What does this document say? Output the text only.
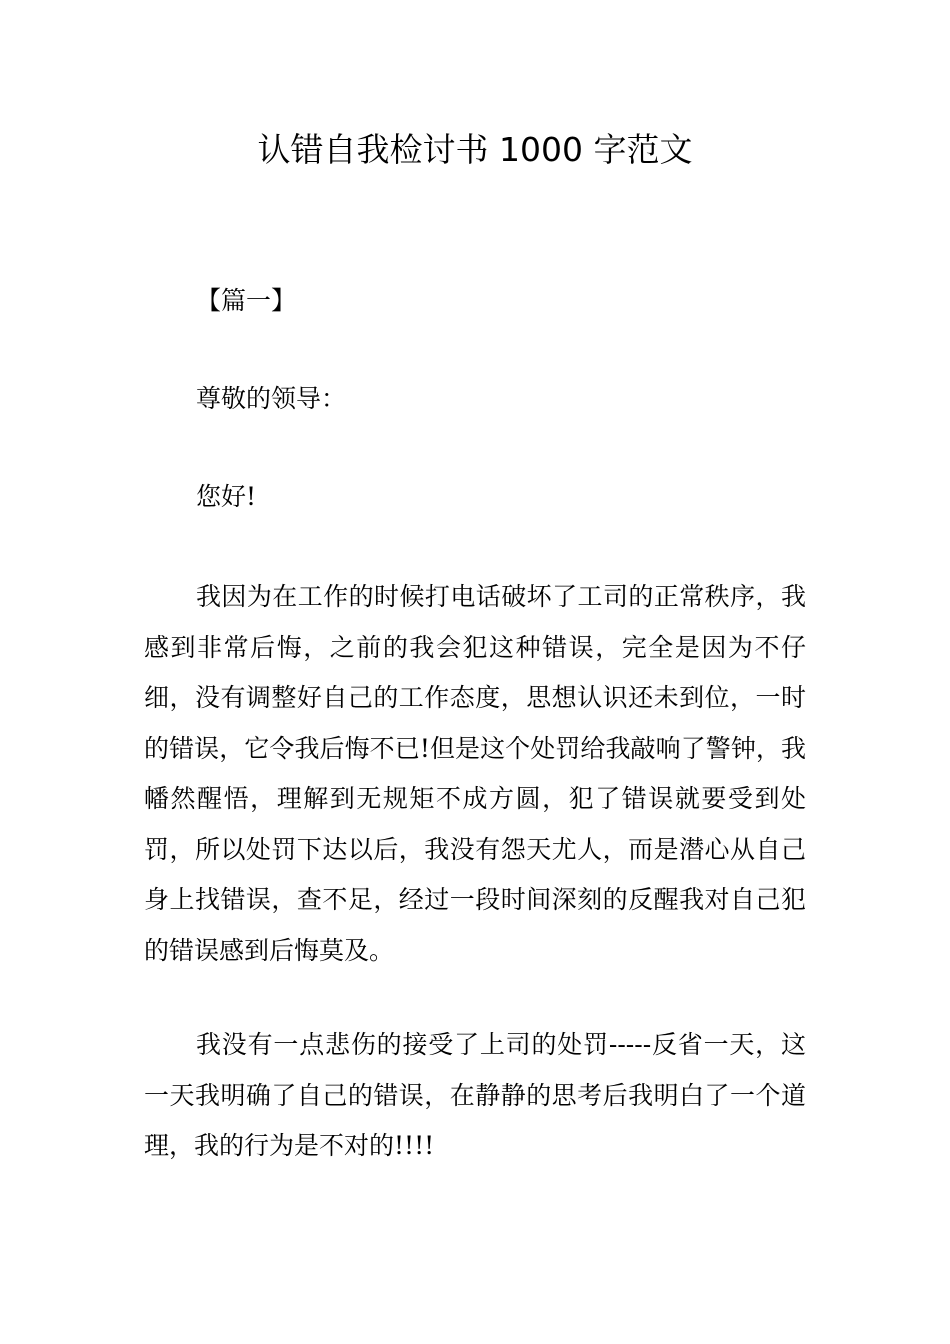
认错自我检讨书 1000 字范文

【篇一】

尊敬的领导：

您好!

我因为在工作的时候打电话破坏了工司的正常秩序，我感到非常后悔，之前的我会犯这种错误，完全是因为不仔细，没有调整好自己的工作态度，思想认识还未到位，一时的错误，它令我后悔不已!但是这个处罚给我敲响了警钟，我幡然醒悟，理解到无规矩不成方圆，犯了错误就要受到处罚，所以处罚下达以后，我没有怨天尤人，而是潜心从自己身上找错误，查不足，经过一段时间深刻的反醒我对自己犯的错误感到后悔莫及。

我没有一点悲伤的接受了上司的处罚-----反省一天，这一天我明确了自己的错误，在静静的思考后我明白了一个道理，我的行为是不对的!!!!
